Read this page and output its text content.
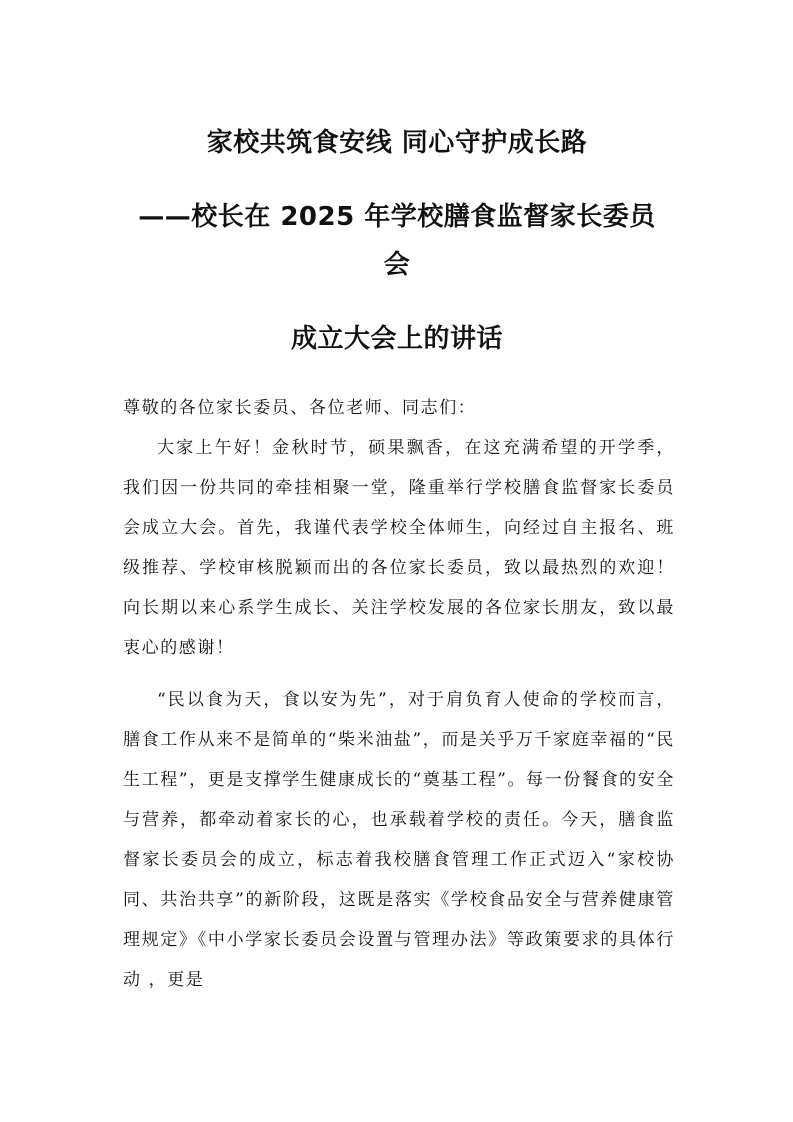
家校共筑食安线 同心守护成长路
——校长在 2025 年学校膳食监督家长委员
会
成立大会上的讲话
尊敬的各位家长委员、各位老师、同志们：
大家上午好！金秋时节，硕果飘香，在这充满希望的开学季，我们因一份共同的牵挂相聚一堂，隆重举行学校膳食监督家长委员会成立大会。首先，我谨代表学校全体师生，向经过自主报名、班级推荐、学校审核脱颖而出的各位家长委员，致以最热烈的欢迎！向长期以来心系学生成长、关注学校发展的各位家长朋友，致以最衷心的感谢！
“民以食为天，食以安为先”，对于肩负育人使命的学校而言，膳食工作从来不是简单的“柴米油盐”，而是关乎万千家庭幸福的“民生工程”，更是支撑学生健康成长的“奠基工程”。每一份餐食的安全与营养，都牵动着家长的心，也承载着学校的责任。今天，膳食监督家长委员会的成立，标志着我校膳食管理工作正式迈入“家校协同、共治共享”的新阶段，这既是落实《学校食品安全与营养健康管理规定》《中小学家长委员会设置与管理办法》等政策要求的具体行动 ，更是
